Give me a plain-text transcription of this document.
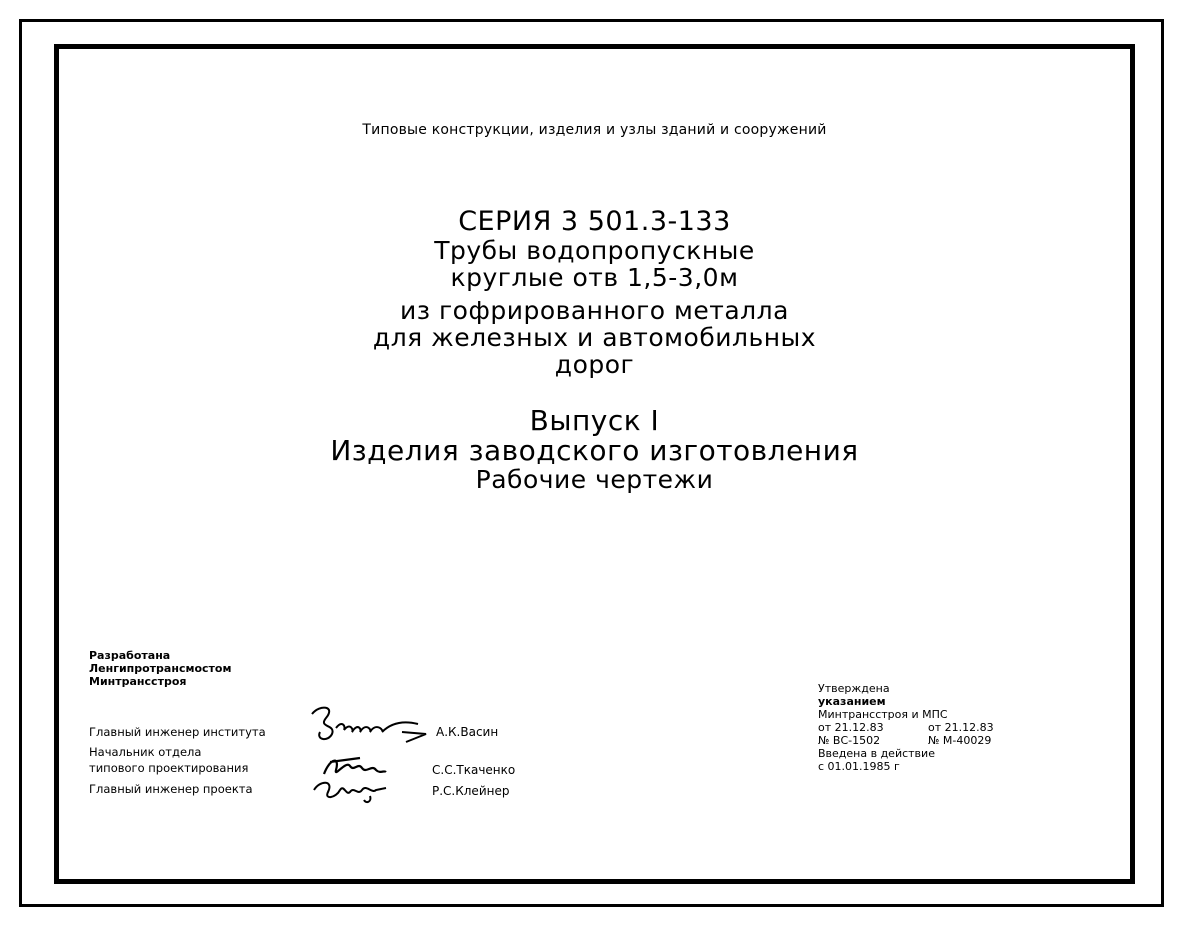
Типовые конструкции, изделия и узлы зданий и сооружений
СЕРИЯ 3 501.3-133
Трубы водопропускные
круглые отв 1,5-3,0м
из гофрированного металла
для железных и автомобильных
дорог
Выпуск I
Изделия заводского изготовления
Рабочие чертежи
Разработана
Ленгипротрансмостом
Минтрансстроя
Главный инженер института	А.К.Васин
Начальник отдела
типового проектирования	С.С.Ткаченко
Главный инженер проекта	Р.С.Клейнер
Утверждена
указанием
Минтрансстроя и МПС
от 21.12.83	от 21.12.83
№ ВС-1502	№ М-40029
Введена в действие
с 01.01.1985 г
